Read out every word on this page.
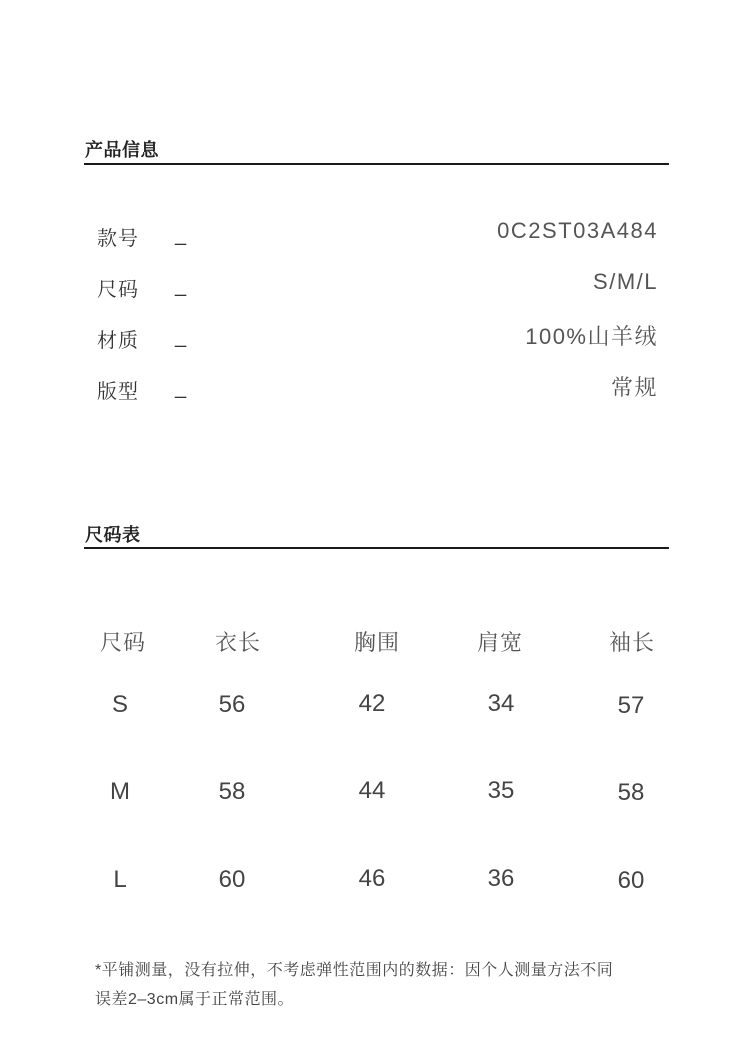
产品信息
款号 _	0C2ST03A484
尺码 _	S/M/L
材质 _	100%山羊绒
版型 _	常规
尺码表
尺码	衣长	胸围	肩宽	袖长
S	56	42	34	57
M	58	44	35	58
L	60	46	36	60
*平铺测量，没有拉伸，不考虑弹性范围内的数据：因个人测量方法不同
误差2–3cm属于正常范围。
